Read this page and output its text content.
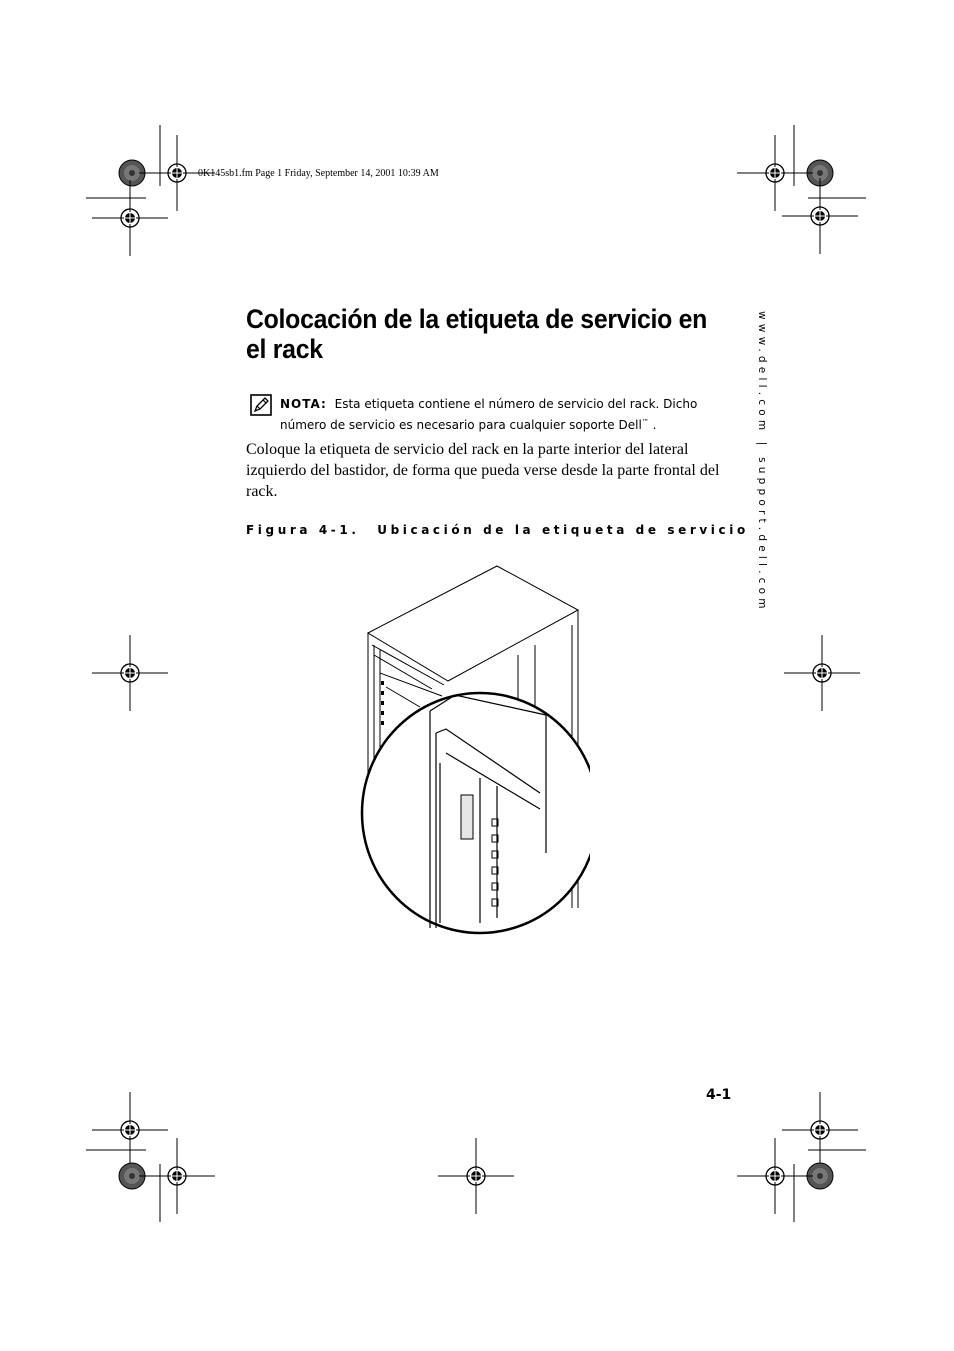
0K145sb1.fm Page 1 Friday, September 14, 2001 10:39 AM
Colocación de la etiqueta de servicio en el rack
NOTA: Esta etiqueta contiene el número de servicio del rack. Dicho número de servicio es necesario para cualquier soporte Dell™ .

Coloque la etiqueta de servicio del rack en la parte interior del lateral izquierdo del bastidor, de forma que pueda verse desde la parte frontal del rack.

Figura 4-1. Ubicación de la etiqueta de servicio www.dell.com | support.dell.com
4-1
